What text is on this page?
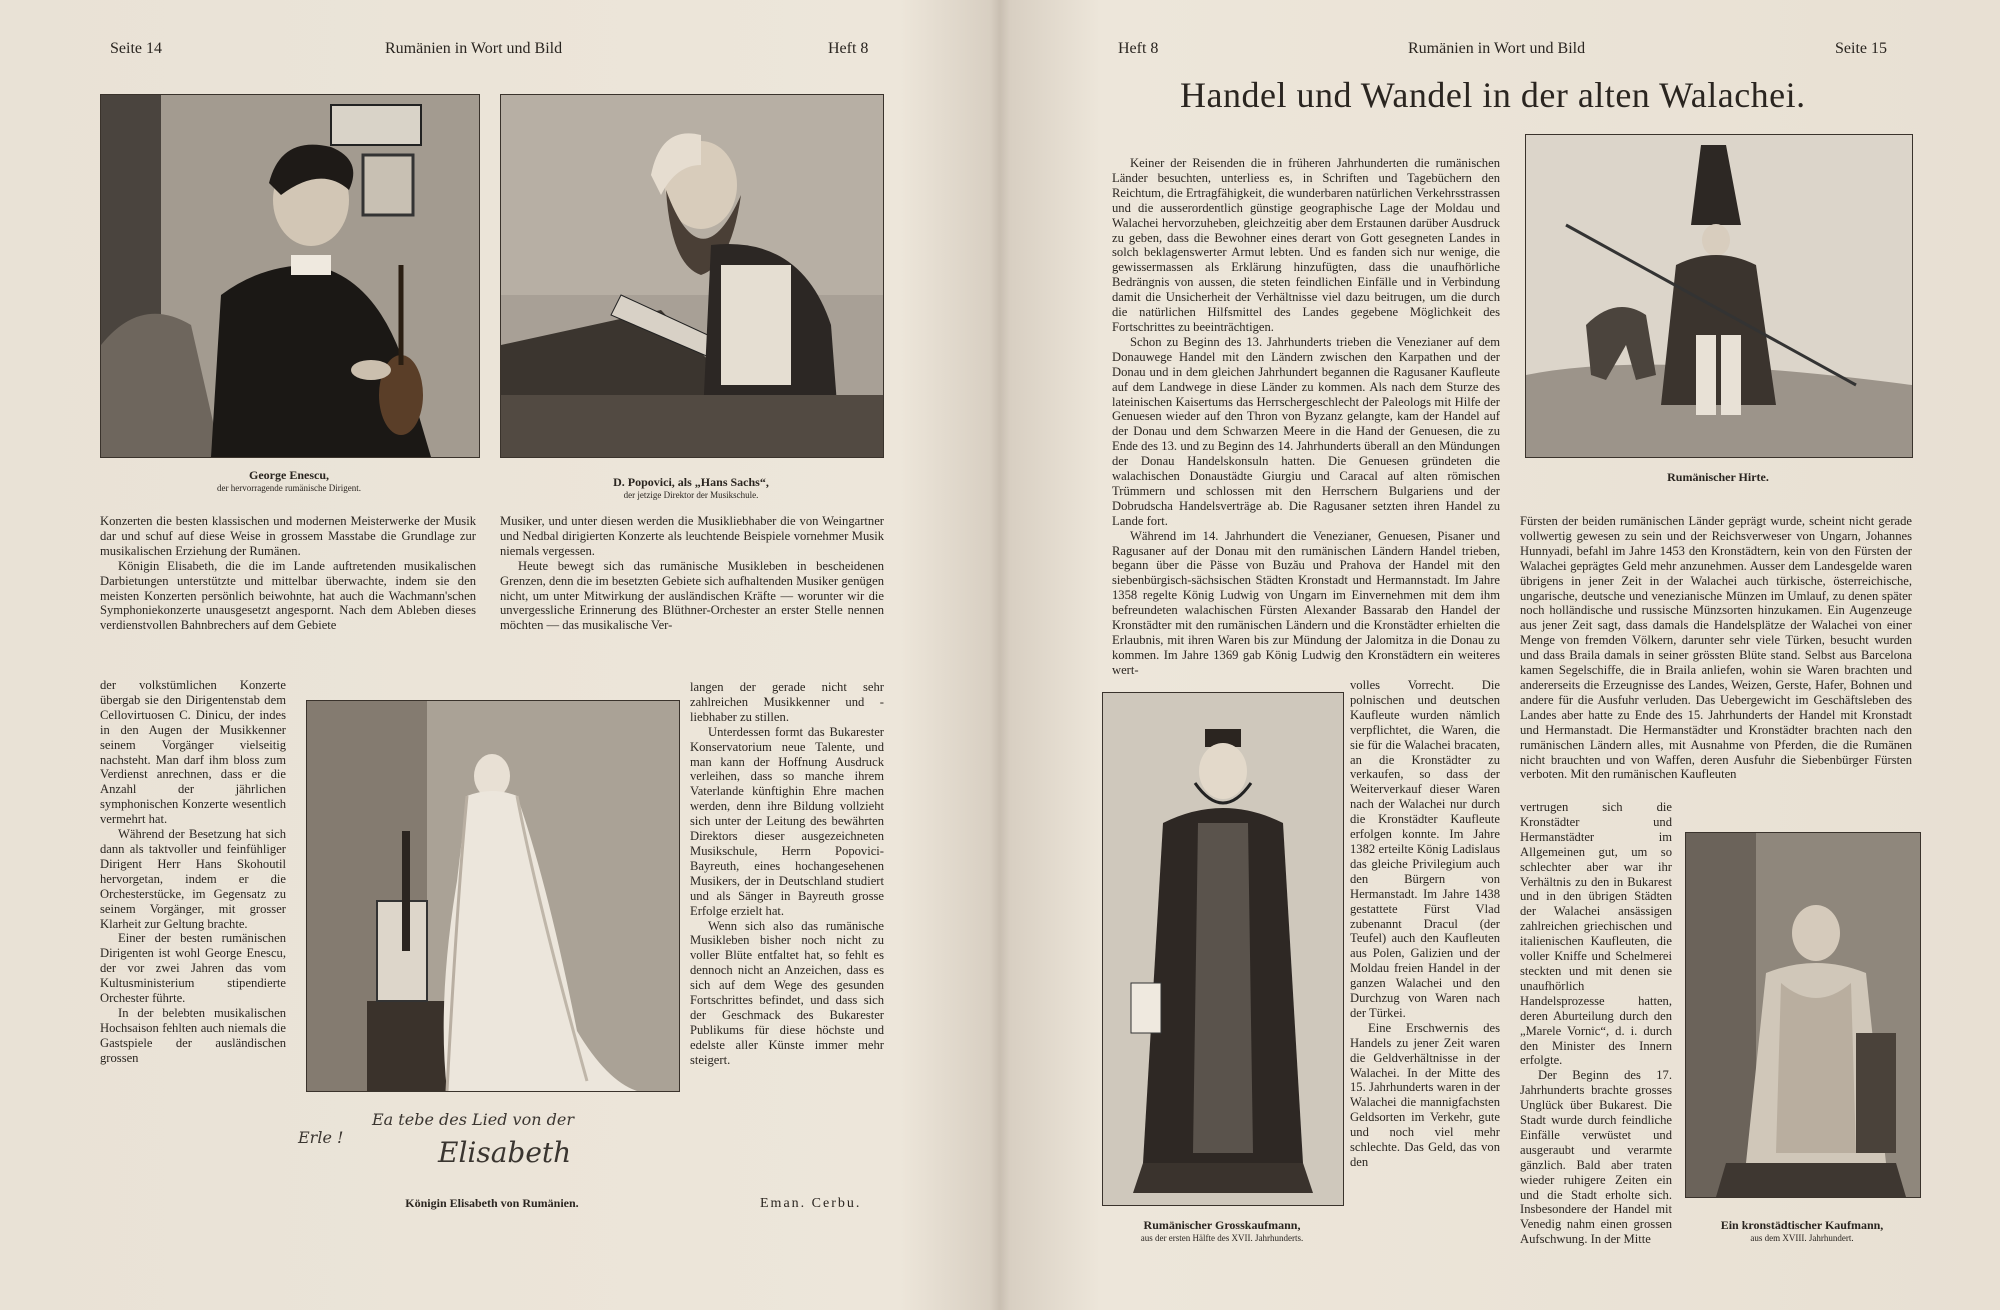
Seite 14	Rumänien in Wort und Bild	Heft 8
George Enescu,
der hervorragende rumänische Dirigent.	D. Popovici, als „Hans Sachs“,
der jetzige Direktor der Musikschule.

Konzerten die besten klassischen und modernen Meisterwerke der Musik dar und schuf auf diese Weise in grossem Masstabe die Grundlage zur musikalischen Erziehung der Rumänen.

Königin Elisabeth, die die im Lande auftretenden musikalischen Darbietungen unterstützte und mittelbar überwachte, indem sie den meisten Konzerten persönlich beiwohnte, hat auch die Wachmann'schen Symphoniekonzerte unausgesetzt angespornt. Nach dem Ableben dieses verdienstvollen Bahnbrechers auf dem Gebiete

der volkstümlichen Konzerte übergab sie den Dirigentenstab dem Cellovirtuosen C. Dinicu, der indes in den Augen der Musikkenner seinem Vorgänger vielseitig nachsteht. Man darf ihm bloss zum Verdienst anrechnen, dass er die Anzahl der jährlichen symphonischen Konzerte wesentlich vermehrt hat.

Während der Besetzung hat sich dann als taktvoller und feinfühliger Dirigent Herr Hans Skohoutil hervorgetan, indem er die Orchesterstücke, im Gegensatz zu seinem Vorgänger, mit grosser Klarheit zur Geltung brachte.

Einer der besten rumänischen Dirigenten ist wohl George Enescu, der vor zwei Jahren das vom Kultusministerium stipendierte Orchester führte.

In der belebten musikalischen Hochsaison fehlten auch niemals die Gastspiele der ausländischen grossen

Musiker, und unter diesen werden die Musikliebhaber die von Weingartner und Nedbal dirigierten Konzerte als leuchtende Beispiele vornehmer Musik niemals vergessen.

Heute bewegt sich das rumänische Musikleben in bescheidenen Grenzen, denn die im besetzten Gebiete sich aufhaltenden Musiker genügen nicht, um unter Mitwirkung der ausländischen Kräfte — worunter wir die unvergessliche Erinnerung des Blüthner-Orchester an erster Stelle nennen möchten — das musikalische Ver-

langen der gerade nicht sehr zahlreichen Musikkenner und -liebhaber zu stillen.

Unterdessen formt das Bukarester Konservatorium neue Talente, und man kann der Hoffnung Ausdruck verleihen, dass so manche ihrem Vaterlande künftighin Ehre machen werden, denn ihre Bildung vollzieht sich unter der Leitung des bewährten Direktors dieser ausgezeichneten Musikschule, Herrn Popovici-Bayreuth, eines hochangesehenen Musikers, der in Deutschland studiert und als Sänger in Bayreuth grosse Erfolge erzielt hat.

Wenn sich also das rumänische Musikleben bisher noch nicht zu voller Blüte entfaltet hat, so fehlt es dennoch nicht an Anzeichen, dass es sich auf dem Wege des gesunden Fortschrittes befindet, und dass sich der Geschmack des Bukarester Publikums für diese höchste und edelste aller Künste immer mehr steigert.

Eman. Cerbu.
Erle !
Ea tebe des Lied von der
Elisabeth
Königin Elisabeth von Rumänien.
Heft 8	Rumänien in Wort und Bild	Seite 15
Handel und Wandel in der alten Walachei.

Keiner der Reisenden die in früheren Jahrhunderten die rumänischen Länder besuchten, unterliess es, in Schriften und Tagebüchern den Reichtum, die Ertragfähigkeit, die wunderbaren natürlichen Verkehrsstrassen und die ausserordentlich günstige geographische Lage der Moldau und Walachei hervorzuheben, gleichzeitig aber dem Erstaunen darüber Ausdruck zu geben, dass die Bewohner eines derart von Gott gesegneten Landes in solch beklagenswerter Armut lebten. Und es fanden sich nur wenige, die gewissermassen als Erklärung hinzufügten, dass die unaufhörliche Bedrängnis von aussen, die steten feindlichen Einfälle und in Verbindung damit die Unsicherheit der Verhältnisse viel dazu beitrugen, um die durch die natürlichen Hilfsmittel des Landes gegebene Möglichkeit des Fortschrittes zu beeinträchtigen.

Schon zu Beginn des 13. Jahrhunderts trieben die Venezianer auf dem Donauwege Handel mit den Ländern zwischen den Karpathen und der Donau und in dem gleichen Jahrhundert begannen die Ragusaner Kaufleute auf dem Landwege in diese Länder zu kommen. Als nach dem Sturze des lateinischen Kaisertums das Herrschergeschlecht der Paleologs mit Hilfe der Genuesen wieder auf den Thron von Byzanz gelangte, kam der Handel auf der Donau und dem Schwarzen Meere in die Hand der Genuesen, die zu Ende des 13. und zu Beginn des 14. Jahrhunderts überall an den Mündungen der Donau Handelskonsuln hatten. Die Genuesen gründeten die walachischen Donaustädte Giurgiu und Caracal auf alten römischen Trümmern und schlossen mit den Herrschern Bulgariens und der Dobrudscha Handelsverträge ab. Die Ragusaner setzten ihren Handel zu Lande fort.

Während im 14. Jahrhundert die Venezianer, Genuesen, Pisaner und Ragusaner auf der Donau mit den rumänischen Ländern Handel trieben, begann über die Pässe von Buzău und Prahova der Handel mit den siebenbürgisch-sächsischen Städten Kronstadt und Hermannstadt. Im Jahre 1358 regelte König Ludwig von Ungarn im Einvernehmen mit dem ihm befreundeten walachischen Fürsten Alexander Bassarab den Handel der Kronstädter mit den rumänischen Ländern und die Kronstädter erhielten die Erlaubnis, mit ihren Waren bis zur Mündung der Jalomitza in die Donau zu kommen. Im Jahre 1369 gab König Ludwig den Kronstädtern ein weiteres wert-

volles Vorrecht. Die polnischen und deutschen Kaufleute wurden nämlich verpflichtet, die Waren, die sie für die Walachei bracaten, an die Kronstädter zu verkaufen, so dass der Weiterverkauf dieser Waren nach der Walachei nur durch die Kronstädter Kaufleute erfolgen konnte. Im Jahre 1382 erteilte König Ladislaus das gleiche Privilegium auch den Bürgern von Hermanstadt. Im Jahre 1438 gestattete Fürst Vlad zubenannt Dracul (der Teufel) auch den Kaufleuten aus Polen, Galizien und der Moldau freien Handel in der ganzen Walachei und den Durchzug von Waren nach der Türkei.

Eine Erschwernis des Handels zu jener Zeit waren die Geldverhältnisse in der Walachei. In der Mitte des 15. Jahrhunderts waren in der Walachei die mannigfachsten Geldsorten im Verkehr, gute und noch viel mehr schlechte. Das Geld, das von den

Rumänischer Grosskaufmann,
aus der ersten Hälfte des XVII. Jahrhunderts.
Rumänischer Hirte.

Fürsten der beiden rumänischen Länder geprägt wurde, scheint nicht gerade vollwertig gewesen zu sein und der Reichsverweser von Ungarn, Johannes Hunnyadi, befahl im Jahre 1453 den Kronstädtern, kein von den Fürsten der Walachei geprägtes Geld mehr anzunehmen. Ausser dem Landesgelde waren übrigens in jener Zeit in der Walachei auch türkische, österreichische, ungarische, deutsche und venezianische Münzen im Umlauf, zu denen später noch holländische und russische Münzsorten hinzukamen. Ein Augenzeuge aus jener Zeit sagt, dass damals die Handelsplätze der Walachei von einer Menge von fremden Völkern, darunter sehr viele Türken, besucht wurden und dass Braila damals in seiner grössten Blüte stand. Selbst aus Barcelona kamen Segelschiffe, die in Braila anliefen, wohin sie Waren brachten und andererseits die Erzeugnisse des Landes, Weizen, Gerste, Hafer, Bohnen und andere für die Ausfuhr verluden. Das Uebergewicht im Geschäftsleben des Landes aber hatte zu Ende des 15. Jahrhunderts der Handel mit Kronstadt und Hermanstadt. Die Hermanstädter und Kronstädter brachten nach den rumänischen Ländern alles, mit Ausnahme von Pferden, die die Rumänen nicht brauchten und von Waffen, deren Ausfuhr die Siebenbürger Fürsten verboten. Mit den rumänischen Kaufleuten

vertrugen sich die Kronstädter und Hermanstädter im Allgemeinen gut, um so schlechter aber war ihr Verhältnis zu den in Bukarest und in den übrigen Städten der Walachei ansässigen zahlreichen griechischen und italienischen Kaufleuten, die voller Kniffe und Schelmerei steckten und mit denen sie unaufhörlich Handelsprozesse hatten, deren Aburteilung durch den „Marele Vornic“, d. i. durch den Minister des Innern erfolgte.

Der Beginn des 17. Jahrhunderts brachte grosses Unglück über Bukarest. Die Stadt wurde durch feindliche Einfälle verwüstet und ausgeraubt und verarmte gänzlich. Bald aber traten wieder ruhigere Zeiten ein und die Stadt erholte sich. Insbesondere der Handel mit Venedig nahm einen grossen Aufschwung. In der Mitte

Ein kronstädtischer Kaufmann,
aus dem XVIII. Jahrhundert.
